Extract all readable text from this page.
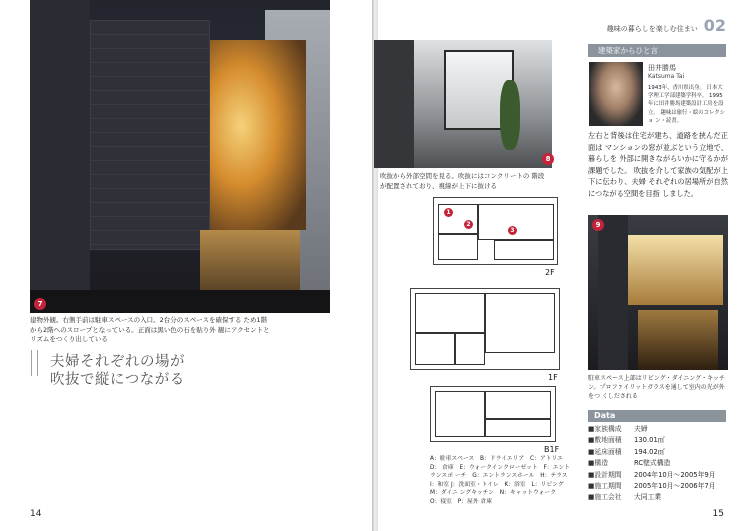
7
建物外観。右側手前は駐車スペースの入口。2台分のスペースを確保する ため1階から2階へのスロープとなっている。正面は黒い色の石を貼り外 観にアクセントとリズムをつくり出している
夫婦それぞれの場が
吹抜で縦につながる
14
趣味の暮らしを楽しむ住まい 02
8
吹抜から外部空間を見る。吹抜にはコンクリートの 階段が配置されており、視線が上下に抜ける
1
2
3
2F
1F
B1F
A：駐車スペース　B：ドライエリア　C：アトリエ　D： 倉庫　E：ウォークインクローゼット　F：エントランスポ ーチ　G：エントランスホール　H：テラス　I：和室 J：洗面室・トイレ　K：浴室　L：リビング　M：ダイニ ングキッチン　N：キャットウォーク　O：寝室　P：屋外 倉庫
建築家からひと言
田井勝馬
Katsuma Tai
1943年、香川県出身。 日本大学理工学部建築学科卒。 1995年に田井勝馬建築設計工房を設立。 趣味は旅行・絵のコレクショ ン・読書。
左右と背後は住宅が建ち、道路を挟んだ正面は マンションの窓が並ぶという立地で、暮らしを 外部に開きながらいかに守るかが課題でした。 吹抜を介して家族の気配が上下に伝わり、夫婦 それぞれの居場所が自然につながる空間を目指 しました。
9
駐車スペース上部はリビング・ダイニング・キッチ ン。プロファイリットガラスを通して室内の光が外をつ くしだされる
Data
■家族構成 夫婦
■敷地面積 130.01㎡
■延床面積 194.02㎡
■構造	RC壁式構造
■設計期間 2004年10月〜2005年9月
■施工期間 2005年10月〜2006年7月
■施工会社 大同工業
15
